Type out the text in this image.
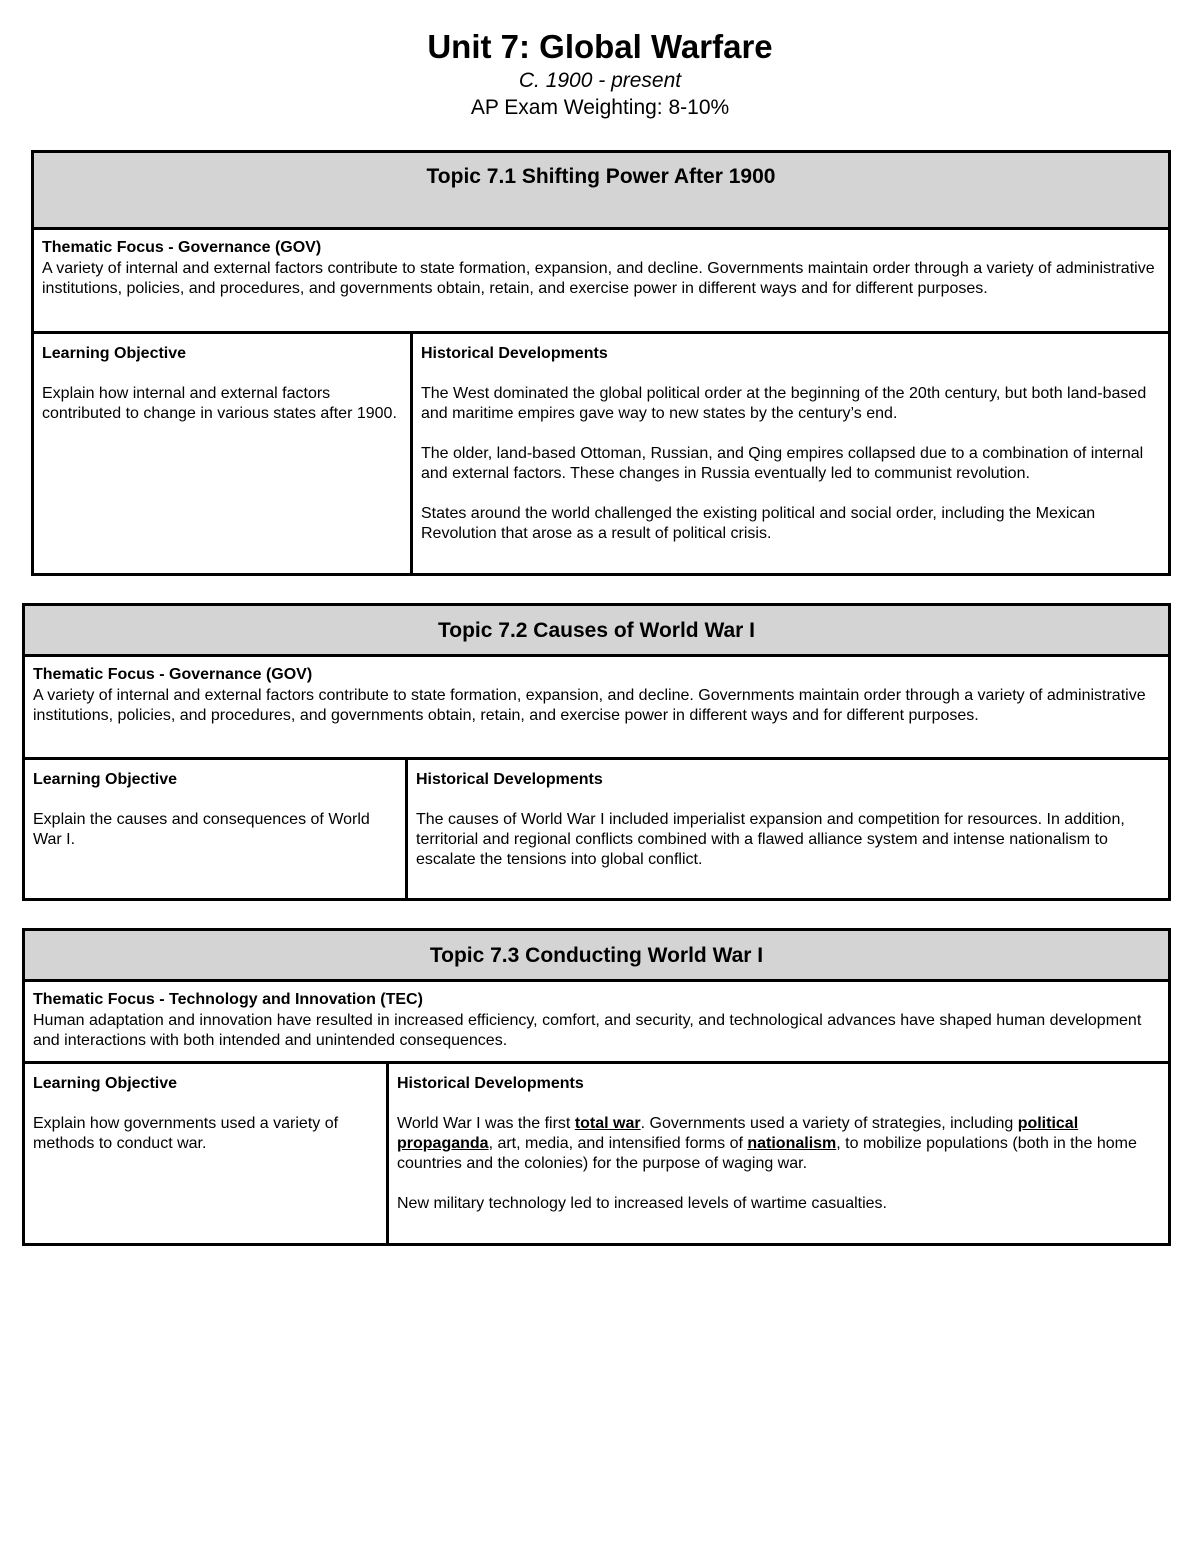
Unit 7: Global Warfare
C. 1900 - present
AP Exam Weighting: 8-10%
Topic 7.1 Shifting Power After 1900
Thematic Focus - Governance (GOV)
A variety of internal and external factors contribute to state formation, expansion, and decline. Governments maintain order through a variety of administrative institutions, policies, and procedures, and governments obtain, retain, and exercise power in different ways and for different purposes.
Learning Objective
Explain how internal and external factors contributed to change in various states after 1900.
Historical Developments
The West dominated the global political order at the beginning of the 20th century, but both land-based and maritime empires gave way to new states by the century’s end.
The older, land-based Ottoman, Russian, and Qing empires collapsed due to a combination of internal and external factors. These changes in Russia eventually led to communist revolution.
States around the world challenged the existing political and social order, including the Mexican Revolution that arose as a result of political crisis.
Topic 7.2 Causes of World War I
Thematic Focus - Governance (GOV)
A variety of internal and external factors contribute to state formation, expansion, and decline. Governments maintain order through a variety of administrative institutions, policies, and procedures, and governments obtain, retain, and exercise power in different ways and for different purposes.
Learning Objective
Explain the causes and consequences of World War I.
Historical Developments
The causes of World War I included imperialist expansion and competition for resources. In addition, territorial and regional conflicts combined with a flawed alliance system and intense nationalism to escalate the tensions into global conflict.
Topic 7.3 Conducting World War I
Thematic Focus - Technology and Innovation (TEC)
Human adaptation and innovation have resulted in increased efficiency, comfort, and security, and technological advances have shaped human development and interactions with both intended and unintended consequences.
Learning Objective
Explain how governments used a variety of methods to conduct war.
Historical Developments
World War I was the first total war. Governments used a variety of strategies, including political propaganda, art, media, and intensified forms of nationalism, to mobilize populations (both in the home countries and the colonies) for the purpose of waging war.
New military technology led to increased levels of wartime casualties.
